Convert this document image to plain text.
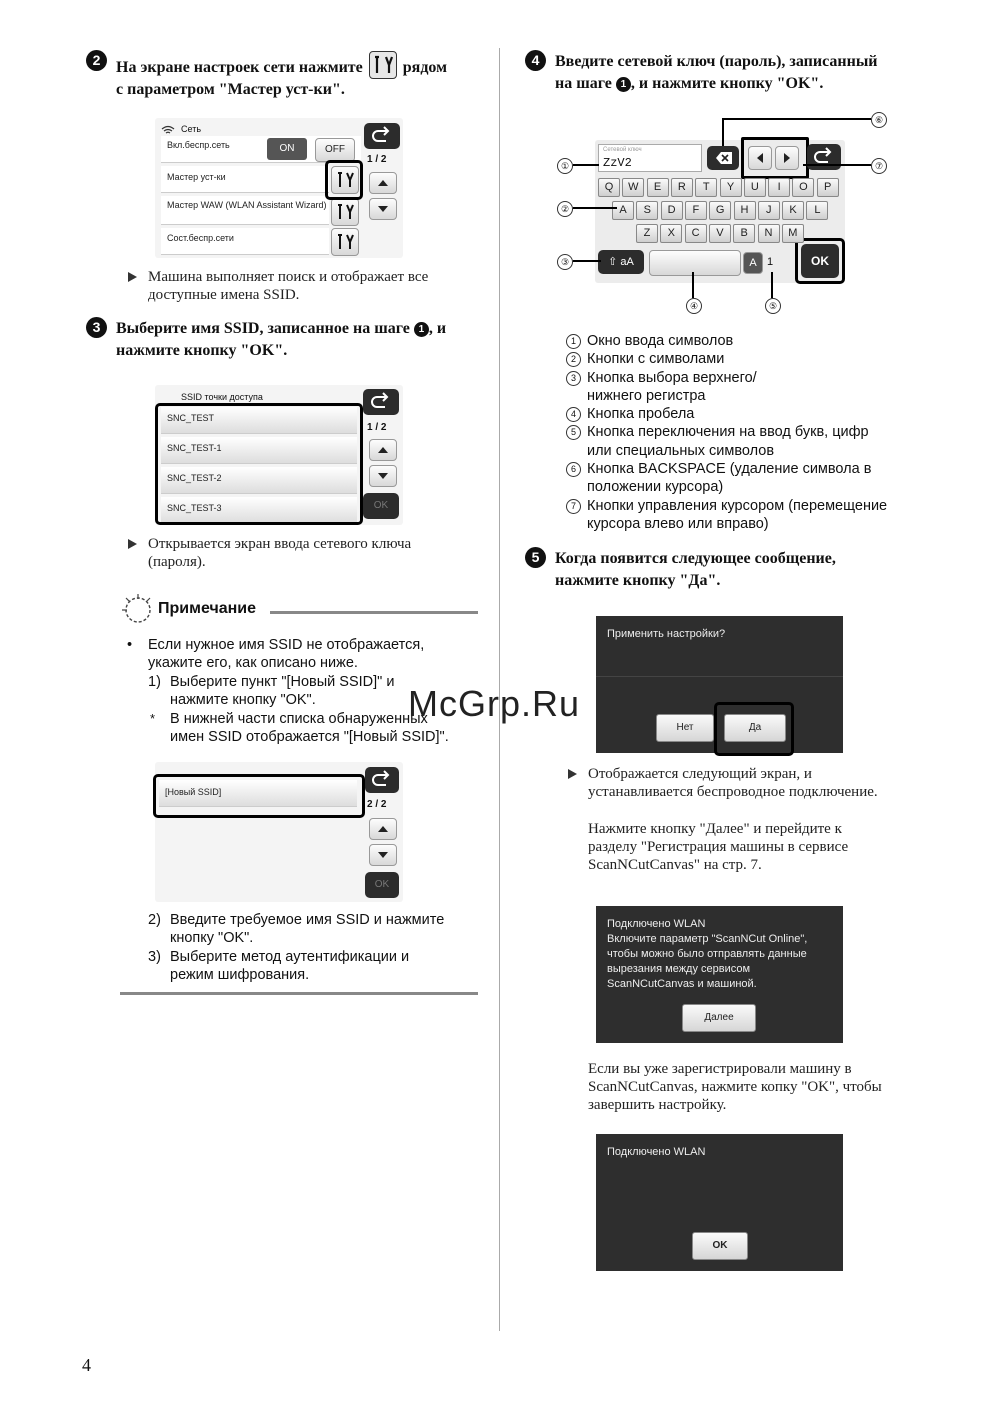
2 На экране настроек сети нажмите	рядом
с параметром "Мастер уст-ки".
Сеть
Вкл.беспр.сеть
Мастер уст-ки
Мастер WAW (WLAN Assistant Wizard)
Сост.беспр.сети
ON	OFF
1 / 2
Машина выполняет поиск и отображает все
доступные имена SSID.
3 Выберите имя SSID, записанное на шаге 1 , и
нажмите кнопку "OK".
SSID точки доступа
SNC_TEST
SNC_TEST-1
SNC_TEST-2
SNC_TEST-3
1 / 2
OK
Открывается экран ввода сетевого ключа
(пароля).
Примечание
• Если нужное имя SSID не отображается,
укажите его, как описано ниже.
1) Выберите пункт "[Новый SSID]" и
нажмите кнопку "OK".
* В нижней части списка обнаруженных
имен SSID отображается "[Новый SSID]".
[Новый SSID]
2 / 2
OK
2) Введите требуемое имя SSID и нажмите
кнопку "OK".
3) Выберите метод аутентификации и
режим шифрования.
4 Введите сетевой ключ (пароль), записанный
на шаге 1 , и нажмите кнопку "OK".
Сетевой ключ
ZzV2
⇧ aA	A 1	OK
Q	W	E	R	T	Y	U	I	O	P
A	S	D	F	G	H	J	K	L
Z	X	C	V	B	N	M
①
②
③
④	⑤
⑥
⑦
1 Окно ввода символов
2 Кнопки с символами
3 Кнопка выбора верхнего/
нижнего регистра
4 Кнопка пробела
5 Кнопка переключения на ввод букв, цифр
или специальных символов
6 Кнопка BACKSPACE (удаление символа в
положении курсора)
7 Кнопки управления курсором (перемещение
курсора влево или вправо)
5 Когда появится следующее сообщение,
нажмите кнопку "Да".
Применить настройки?
Нет	Да
McGrp.Ru
Отображается следующий экран, и
устанавливается беспроводное подключение.
Нажмите кнопку "Далее" и перейдите к
разделу "Регистрация машины в сервисе
ScanNCutCanvas" на стр. 7.
Подключено WLAN
Включите параметр "ScanNCut Online",
чтобы можно было отправлять данные
вырезания между сервисом
ScanNCutCanvas и машиной.
Далее
Если вы уже зарегистрировали машину в
ScanNCutCanvas, нажмите копку "OK", чтобы
завершить настройку.
Подключено WLAN
OK
4
